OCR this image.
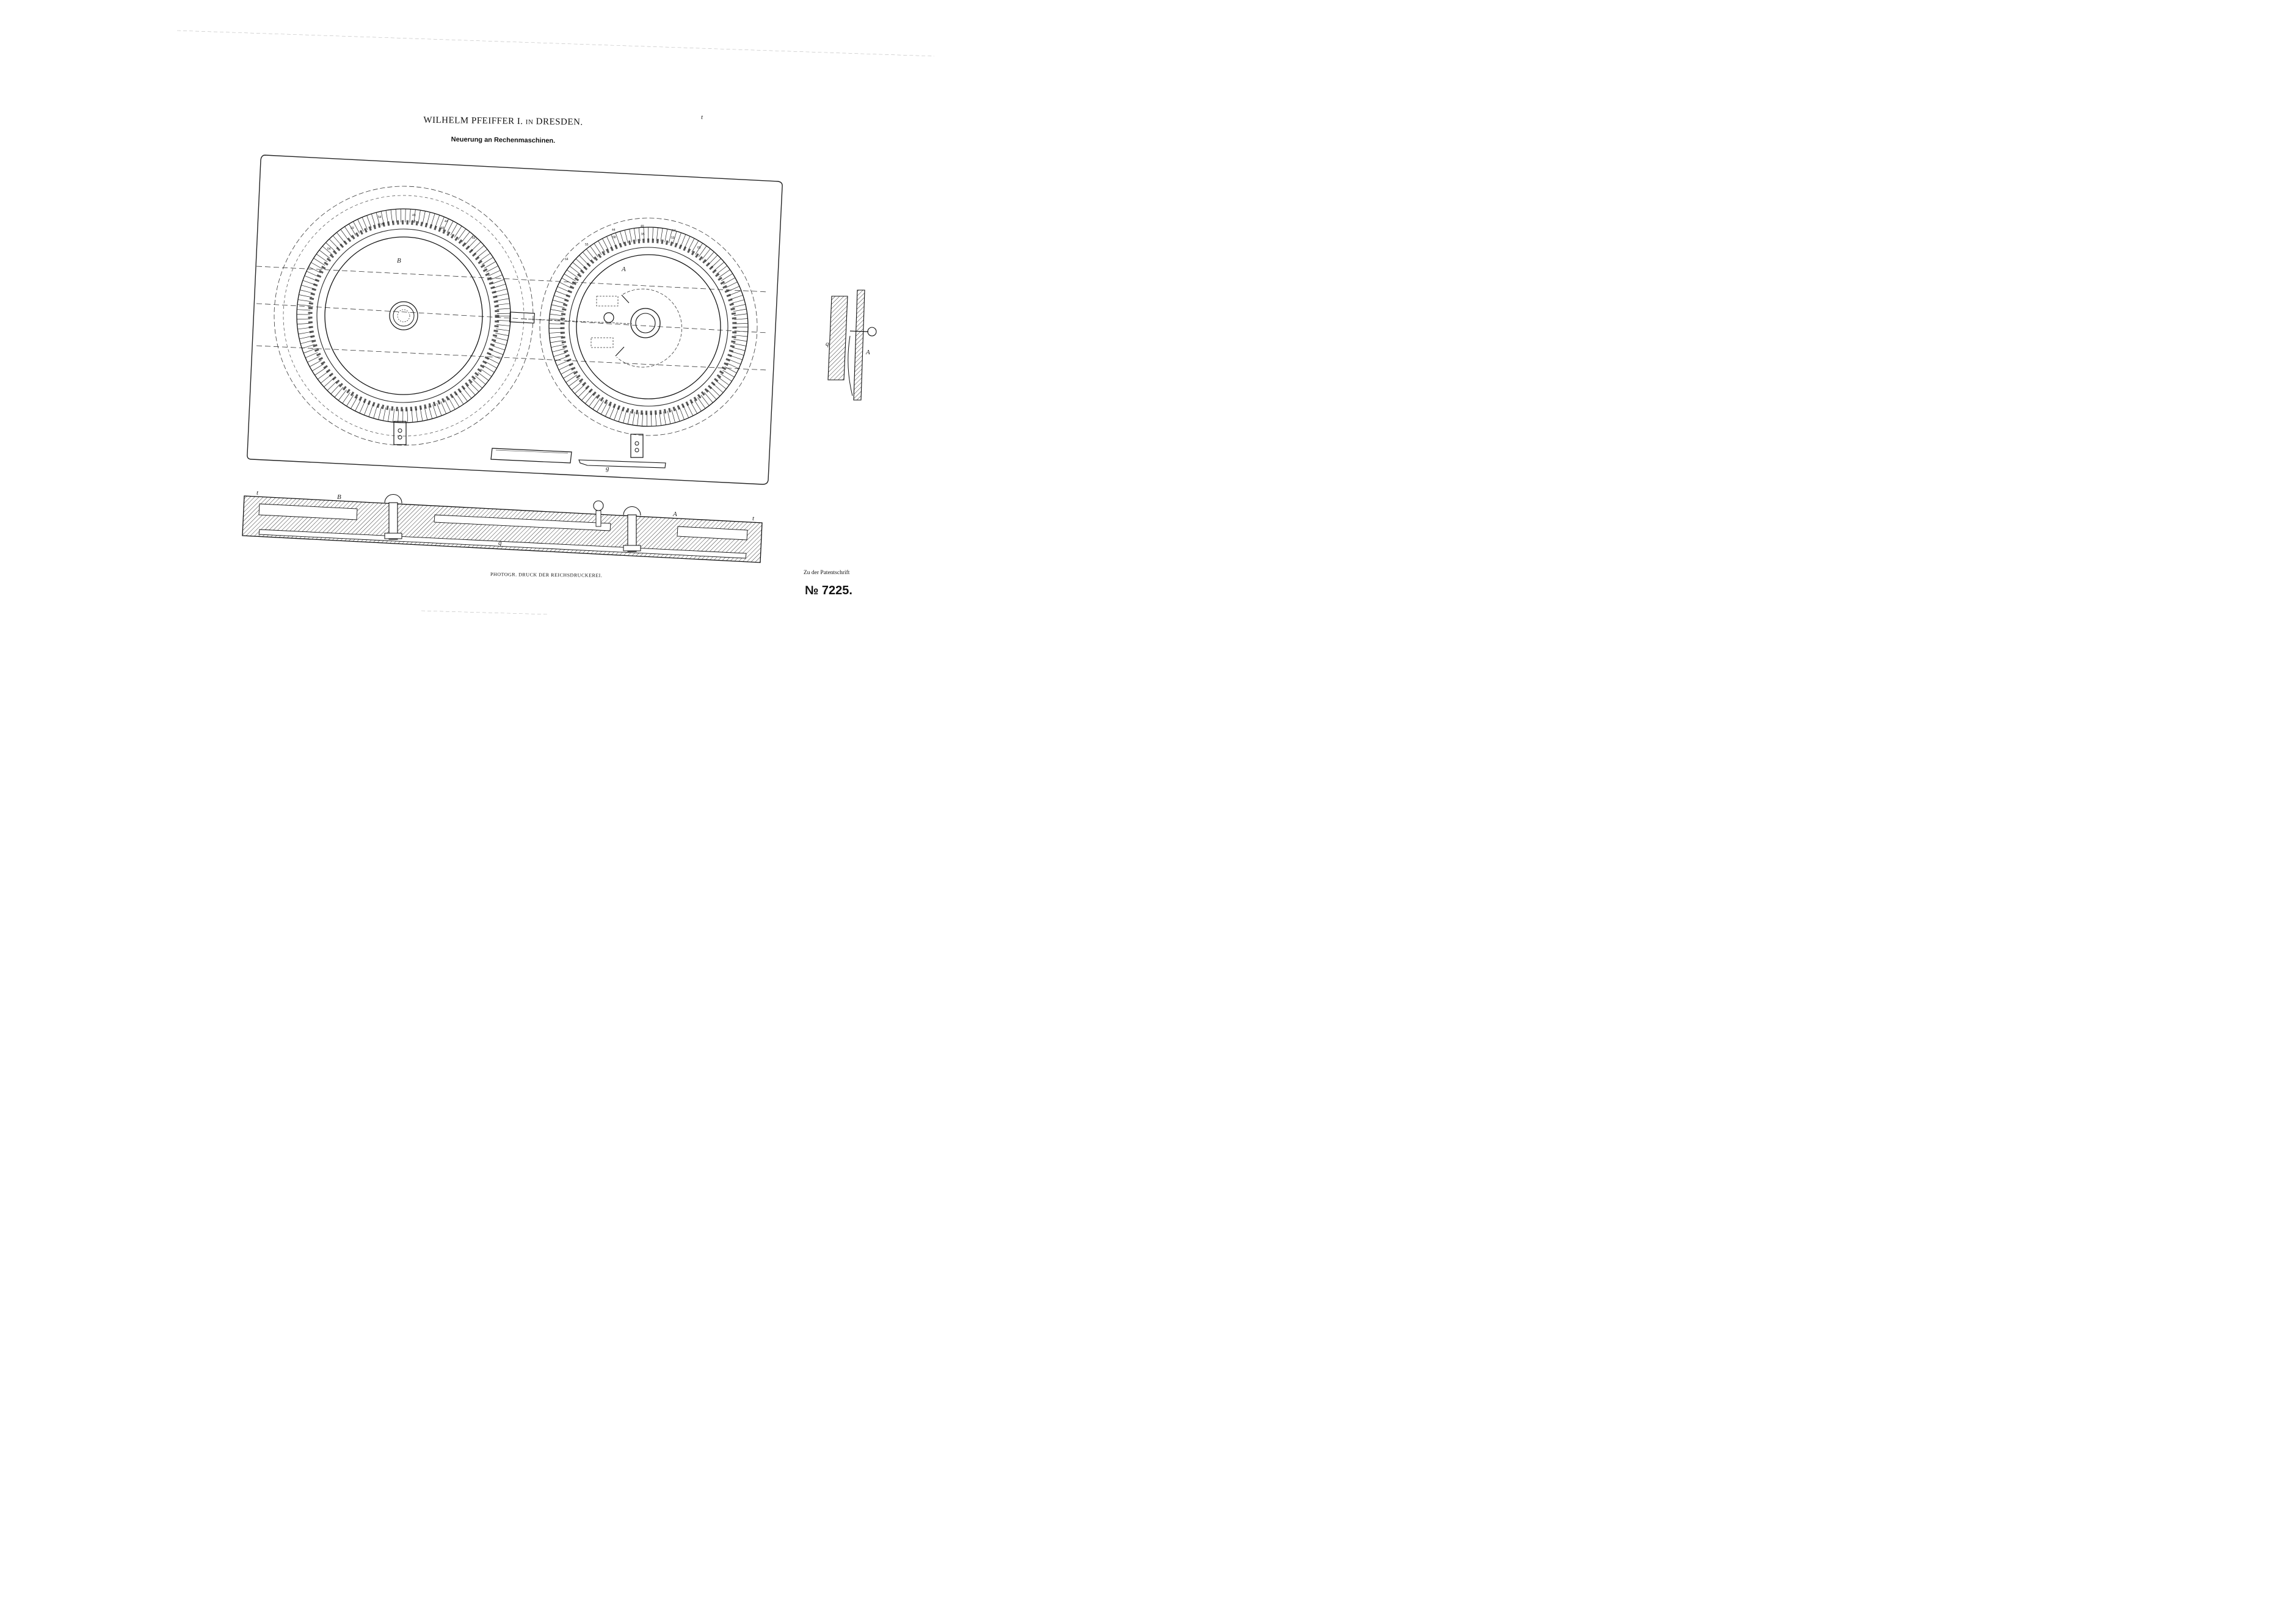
WILHELM PFEIFFER I. IN DRESDEN.
Neuerung an Rechenmaschinen.
54	49
44
59
95
58
55
64
69
B
44
49
54
58
95
59
55
69
64
A
g
t
B
A
t
q
q
A
t
PHOTOGR. DRUCK DER REICHSDRUCKEREI.	Zu der Patentschrift
№ 7225.
